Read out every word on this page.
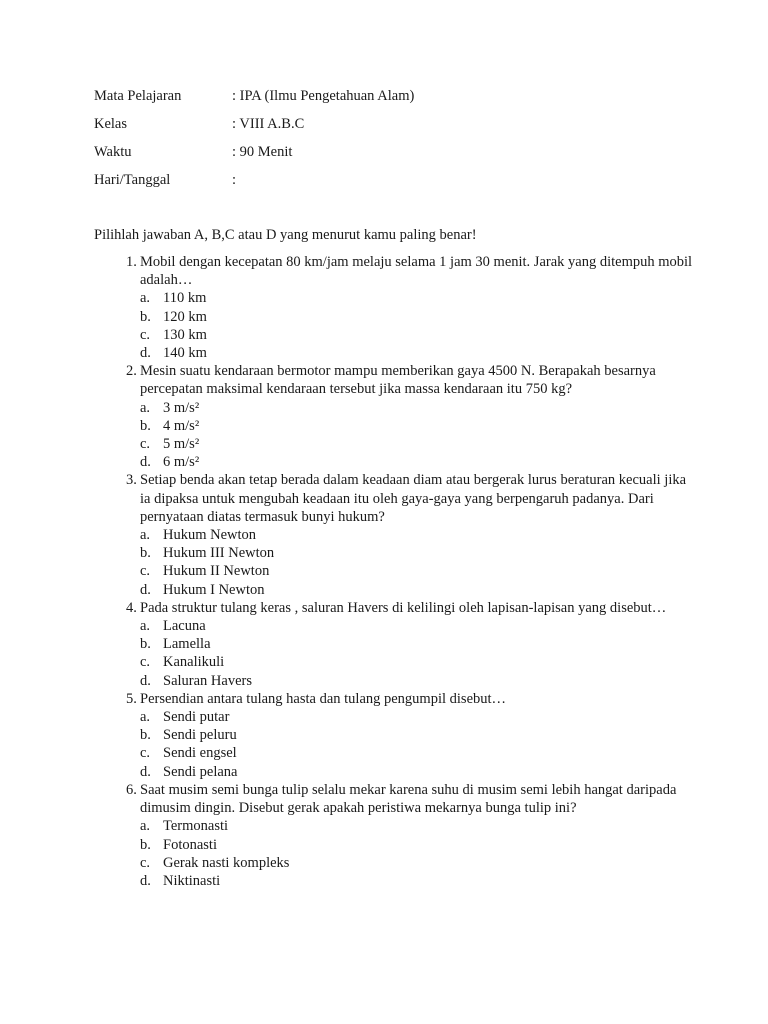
Mata Pelajaran	: IPA (Ilmu Pengetahuan Alam)
Kelas	: VIII A.B.C
Waktu	: 90 Menit
Hari/Tanggal	:
Pilihlah jawaban A, B,C atau D yang menurut kamu paling benar!
1. Mobil dengan kecepatan 80 km/jam melaju selama 1 jam 30 menit. Jarak yang ditempuh mobil adalah…
a. 110 km
b. 120 km
c. 130 km
d. 140 km
2. Mesin suatu kendaraan bermotor mampu memberikan gaya 4500 N. Berapakah besarnya percepatan maksimal kendaraan tersebut jika massa kendaraan itu 750 kg?
a. 3 m/s²
b. 4 m/s²
c. 5 m/s²
d. 6 m/s²
3. Setiap benda akan tetap berada dalam keadaan diam atau bergerak lurus beraturan kecuali jika ia dipaksa untuk mengubah keadaan itu oleh gaya-gaya yang berpengaruh padanya. Dari pernyataan diatas termasuk bunyi hukum?
a. Hukum Newton
b. Hukum III Newton
c. Hukum II Newton
d. Hukum I Newton
4. Pada struktur tulang keras , saluran Havers di kelilingi oleh lapisan-lapisan yang disebut…
a. Lacuna
b. Lamella
c. Kanalikuli
d. Saluran Havers
5. Persendian antara tulang hasta dan tulang pengumpil disebut…
a. Sendi putar
b. Sendi peluru
c. Sendi engsel
d. Sendi pelana
6. Saat musim semi bunga tulip selalu mekar karena suhu di musim semi lebih hangat daripada dimusim dingin. Disebut gerak apakah peristiwa mekarnya bunga tulip ini?
a. Termonasti
b. Fotonasti
c. Gerak nasti kompleks
d. Niktinasti
